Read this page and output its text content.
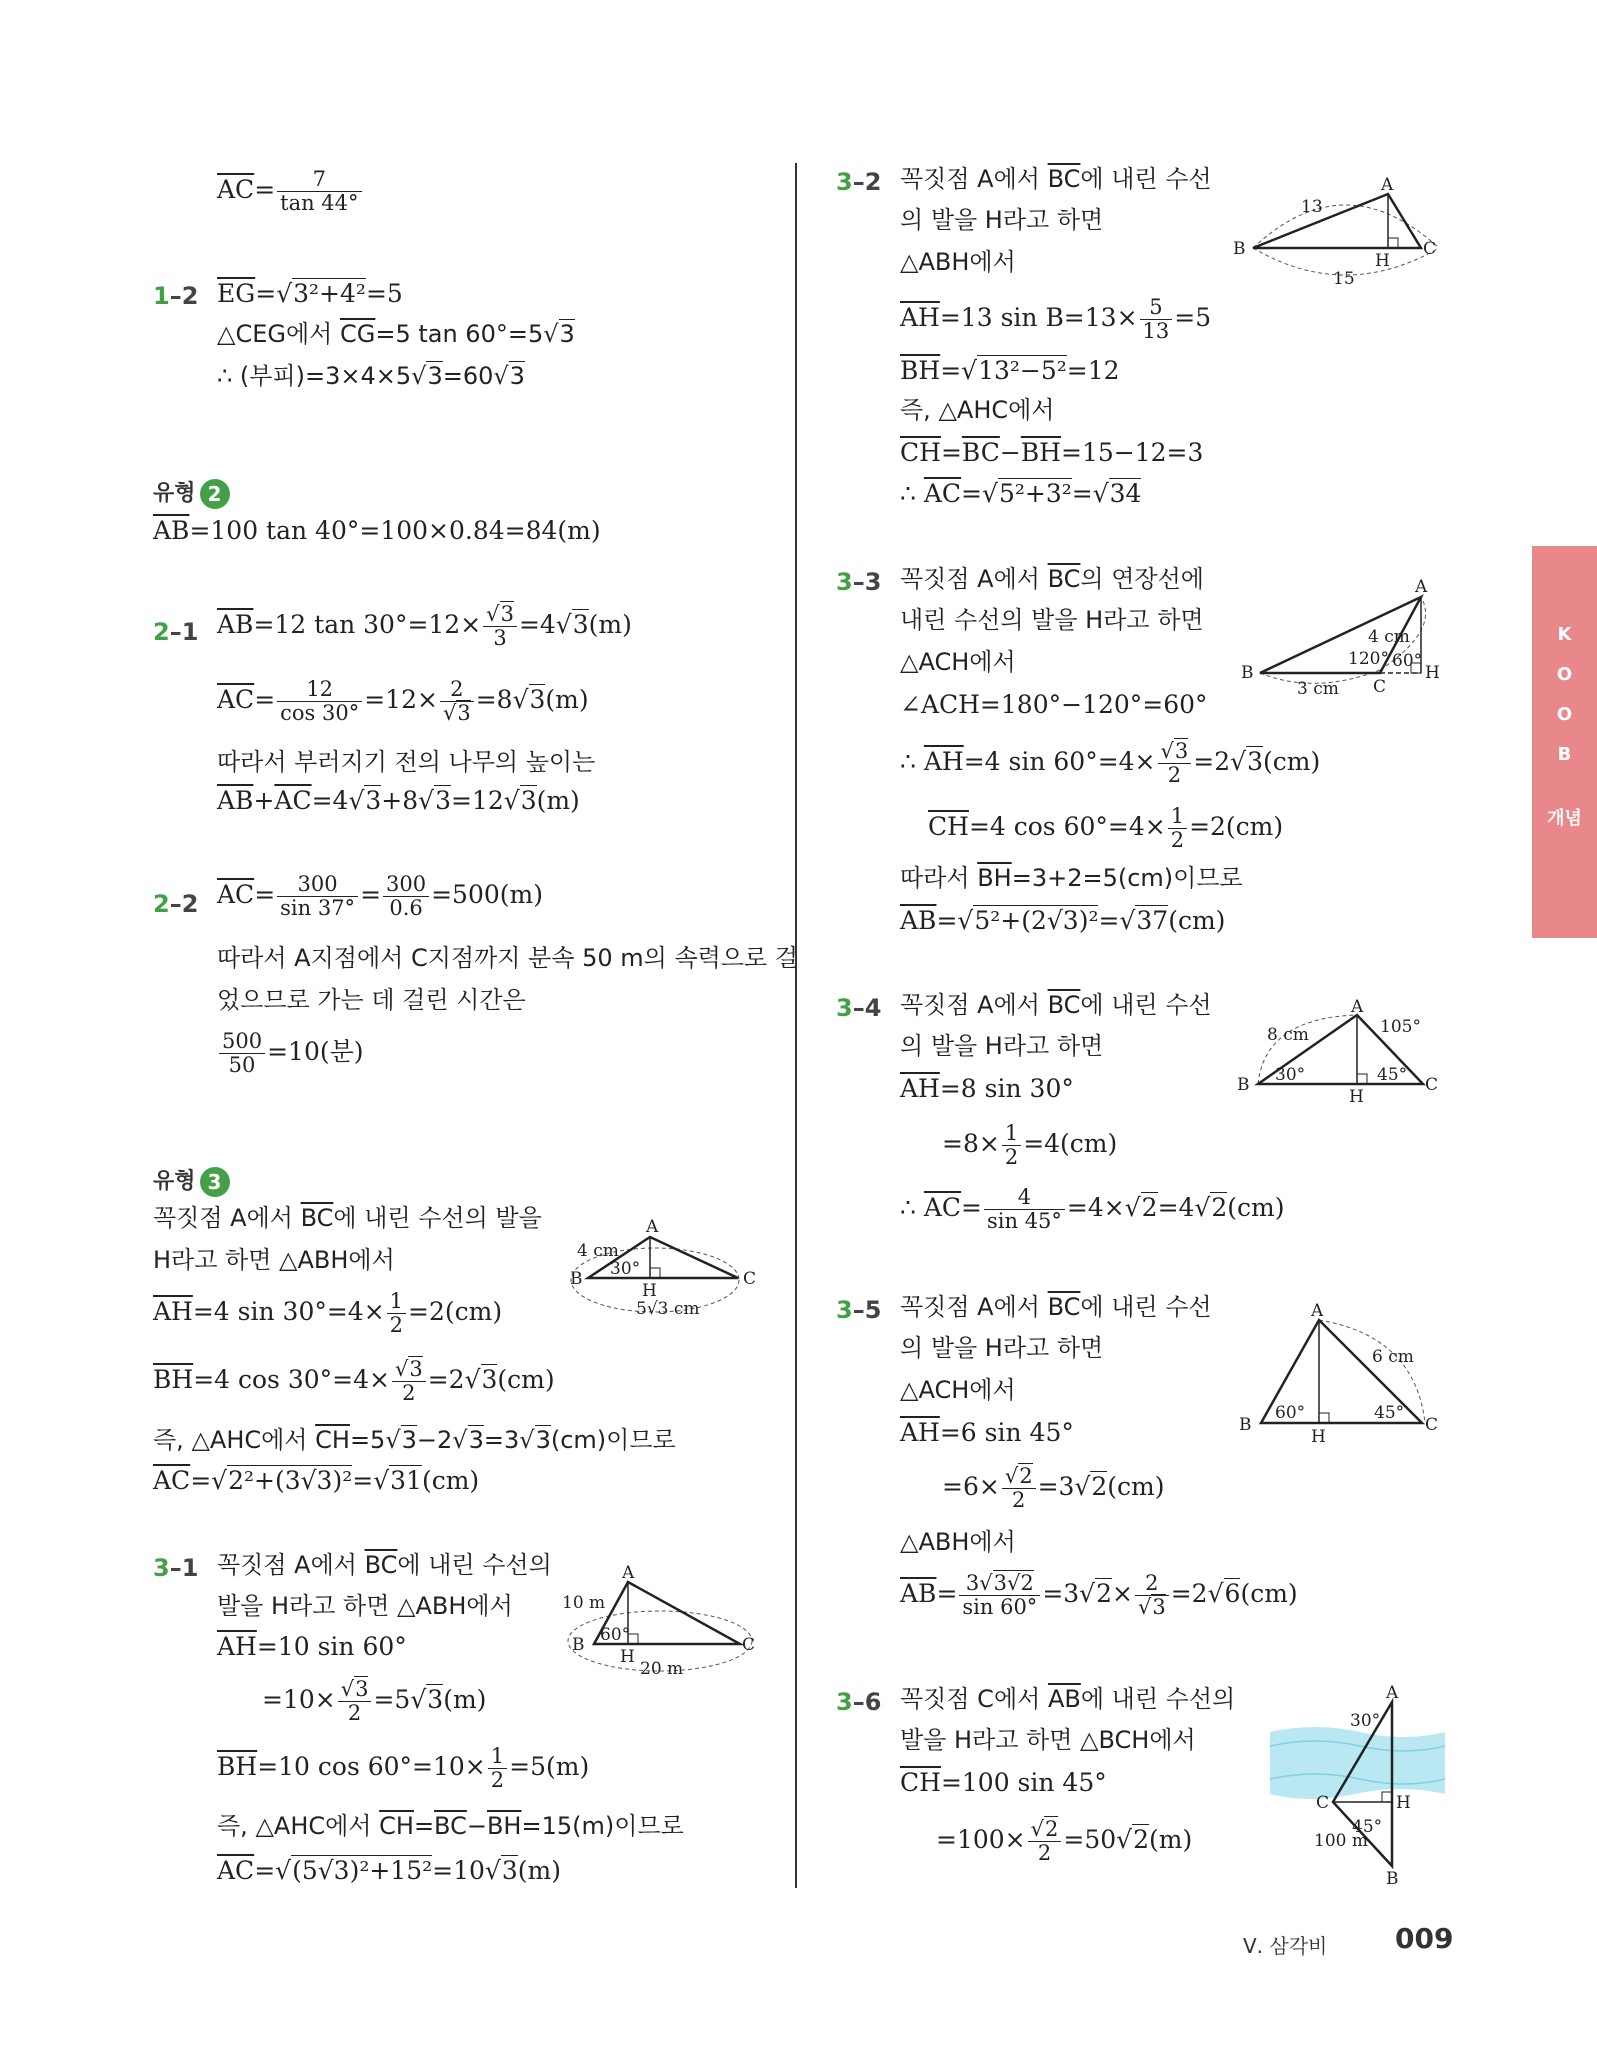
K
O
O
B
개념
$\overline{AC}= \frac{7}{\tan 44^\circ}$
1–2 $\overline{EG}=√3^2+4^2=5$
△CEG에서 $\overline{CG}=5$ tan 60°=5√3
∴ (부피)=3×4×5√3=60√3
유형 2
$\overline{AB}=100$ tan 40°=100×0.84=84(m)
2–1 $\overline{AB}=12$ $\tan 30^\circ=12\times \frac{√3}{3} =4√3(m)$
$\overline{AC}= \frac{12}{\cos 30^\circ} =12\times \frac{2}{√3} =8√3(m)$
따라서 부러지기 전의 나무의 높이는
$\overline{AB}+\overline{AC}=4√3+8√3=12√3(m)$
2–2 $\overline{AC}= \frac{300}{\sin 37^\circ} = \frac{300}{0.6} =500(m)$
따라서 A지점에서 C지점까지 분속 50 m의 속력으로 걸
었으므로 가는 데 걸린 시간은
$\frac{500}{50} =10$(분)
유형 3
꼭짓점 A에서 $\overline{BC}$에 내린 수선의 발을
H라고 하면 △ABH에서
$\overline{AH}=4$ $\sin 30^\circ=4\times \frac{1}{2} =2(cm)$
$\overline{BH}=4$ $\cos 30^\circ=4\times \frac{√3}{2} =2√3(cm)$
즉, △AHC에서 $\overline{CH}=5√3-2√3=3√3(cm)$이므로
$\overline{AC}=√2^2+(3√3)^2=√31(cm)$
A
B	C
H
4 cm
30°
5√3 cm
3–1 꼭짓점 A에서 $\overline{BC}$에 내린 수선의
발을 H라고 하면 △ABH에서
$\overline{AH}=10$ sin 60°
$=10\times \frac{√3}{2} =5√3(m)$
$\overline{BH}=10$ $\cos 60^\circ=10\times \frac{1}{2} =5(m)$
즉, △AHC에서 $\overline{CH}=\overline{BC}-\overline{BH}=15(m)$이므로
$\overline{AC}=√(5√3)^2+15^2=10√3(m)$
A
B	C
H
10 m
60°
20 m
3–2 꼭짓점 A에서 $\overline{BC}$에 내린 수선
의 발을 H라고 하면
△ABH에서
$\overline{AH}=13$ $\sin B=13\times \frac{5}{13} =5$
$\overline{BH}=√13^2-5^2=12$
즉, △AHC에서
$\overline{CH}=\overline{BC}-\overline{BH}=15-12=3$
∴ $\overline{AC}=√5^2+3^2=√34$
A
B	C
H
13
15
3–3 꼭짓점 A에서 $\overline{BC}$의 연장선에
내린 수선의 발을 H라고 하면
△ACH에서
∠ACH=180°−120°=60°
∴ $\overline{AH}=4$ $\sin 60^\circ=4\times \frac{√3}{2} =2√3(cm)$
$\overline{CH}=4$ $\cos 60^\circ=4\times \frac{1}{2} =2(cm)$
따라서 $\overline{BH}=3+2=5(cm)$이므로
$\overline{AB}=√5^2+(2√3)^2=√37(cm)$
A
B
C
H
4 cm
120° 60°
3 cm
3–4 꼭짓점 A에서 $\overline{BC}$에 내린 수선
의 발을 H라고 하면
$\overline{AH}=8$ sin 30°
$=8\times \frac{1}{2} =4(cm)$
∴ $\overline{AC}= \frac{4}{\sin 45^\circ} =4\times√2=4√2(cm)$
A
B	C
H
8 cm	105°
30°	45°
3–5 꼭짓점 A에서 $\overline{BC}$에 내린 수선
의 발을 H라고 하면
△ACH에서
$\overline{AH}=6$ sin 45°
$=6\times \frac{√2}{2} =3√2(cm)$
△ABH에서
$\overline{AB}= \frac{3√3√2}{\sin 60^\circ} =3√2\times \frac{2}{√3} =2√6(cm)$
A
B	C
H
6 cm
60°	45°
3–6 꼭짓점 C에서 $\overline{AB}$에 내린 수선의
발을 H라고 하면 △BCH에서
$\overline{CH}=100$ sin 45°
$=100\times \frac{√2}{2} =50√2(m)$
A
C	H
B
30°
45°
100 m
Ⅴ. 삼각비 009
